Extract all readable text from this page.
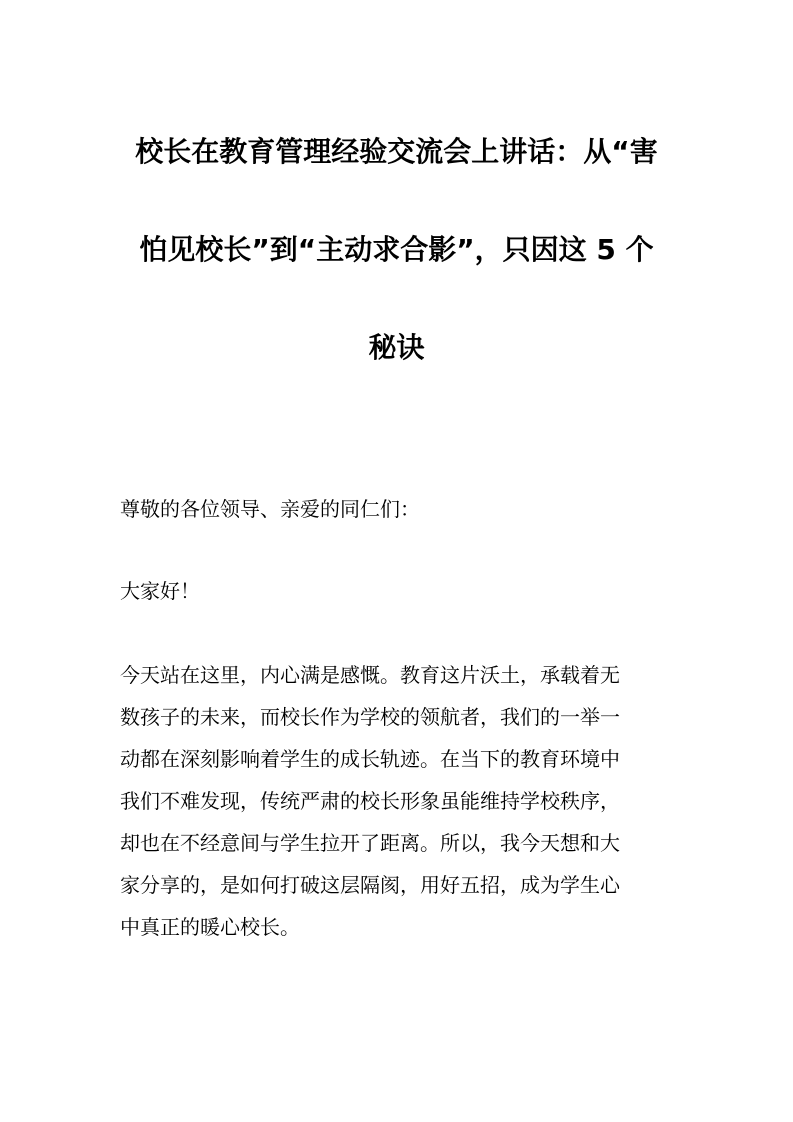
校长在教育管理经验交流会上讲话：从“害
怕见校长”到“主动求合影”，只因这 5 个
秘诀
尊敬的各位领导、亲爱的同仁们：
大家好！
今天站在这里，内心满是感慨。教育这片沃土，承载着无
数孩子的未来，而校长作为学校的领航者，我们的一举一
动都在深刻影响着学生的成长轨迹。在当下的教育环境中
我们不难发现，传统严肃的校长形象虽能维持学校秩序，
却也在不经意间与学生拉开了距离。所以，我今天想和大
家分享的，是如何打破这层隔阂，用好五招，成为学生心
中真正的暖心校长。
